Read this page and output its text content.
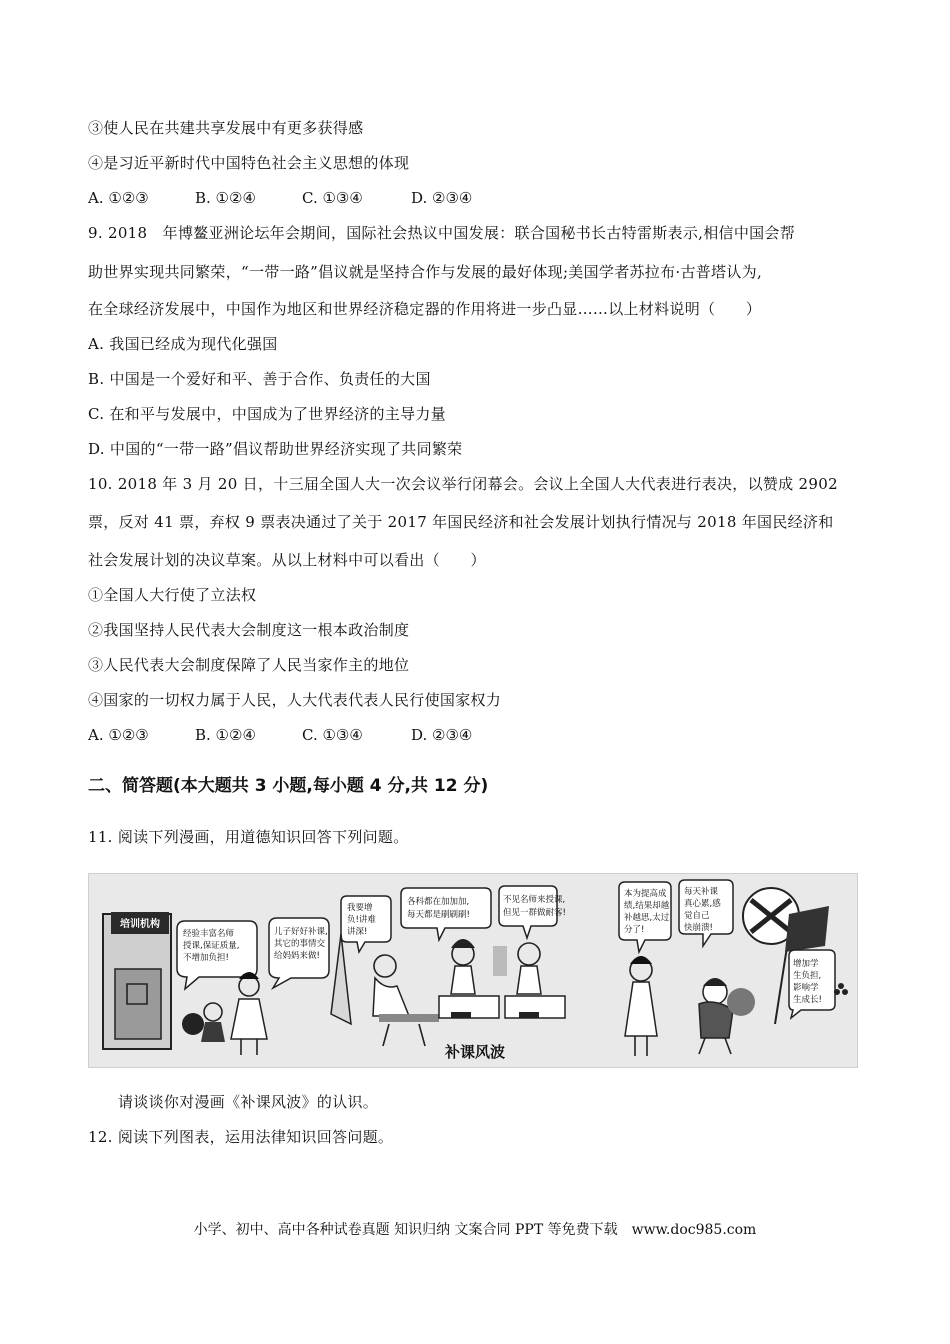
③使人民在共建共享发展中有更多获得感
④是习近平新时代中国特色社会主义思想的体现
A. ①②③	B. ①②④	C. ①③④	D. ②③④
9. 2018　年博鳌亚洲论坛年会期间，国际社会热议中国发展：联合国秘书长古特雷斯表示,相信中国会帮
助世界实现共同繁荣，“一带一路”倡议就是坚持合作与发展的最好体现;美国学者苏拉布·古普塔认为,
在全球经济发展中，中国作为地区和世界经济稳定器的作用将进一步凸显……以上材料说明（　　）
A. 我国已经成为现代化强国
B. 中国是一个爱好和平、善于合作、负责任的大国
C. 在和平与发展中，中国成为了世界经济的主导力量
D. 中国的“一带一路”倡议帮助世界经济实现了共同繁荣
10. 2018 年 3 月 20 日，十三届全国人大一次会议举行闭幕会。会议上全国人大代表进行表决，以赞成 2902
票，反对 41 票，弃权 9 票表决通过了关于 2017 年国民经济和社会发展计划执行情况与 2018 年国民经济和
社会发展计划的决议草案。从以上材料中可以看出（　　）
①全国人大行使了立法权
②我国坚持人民代表大会制度这一根本政治制度
③人民代表大会制度保障了人民当家作主的地位
④国家的一切权力属于人民，人大代表代表人民行使国家权力
A. ①②③	B. ①②④	C. ①③④	D. ②③④
二、简答题(本大题共 3 小题,每小题 4 分,共 12 分)
11. 阅读下列漫画，用道德知识回答下列问题。
培训机构
经验丰富名师
授课,保证质量,
不增加负担!
儿子好好补课,
其它的事情交
给妈妈来做!
我要增
负!讲难
讲深!
各科都在加加加,
每天都是刷刷刷!
不见名师来授课,
但见一群做耐客!
本为提高成
绩,结果却越
补越思,太过
分了!
每天补课
真心累,感
觉自己
快崩溃!
增加学
生负担,
影响学
生成长!
补课风波
请谈谈你对漫画《补课风波》的认识。
12. 阅读下列图表，运用法律知识回答问题。
小学、初中、高中各种试卷真题 知识归纳 文案合同 PPT 等免费下载　www.doc985.com
